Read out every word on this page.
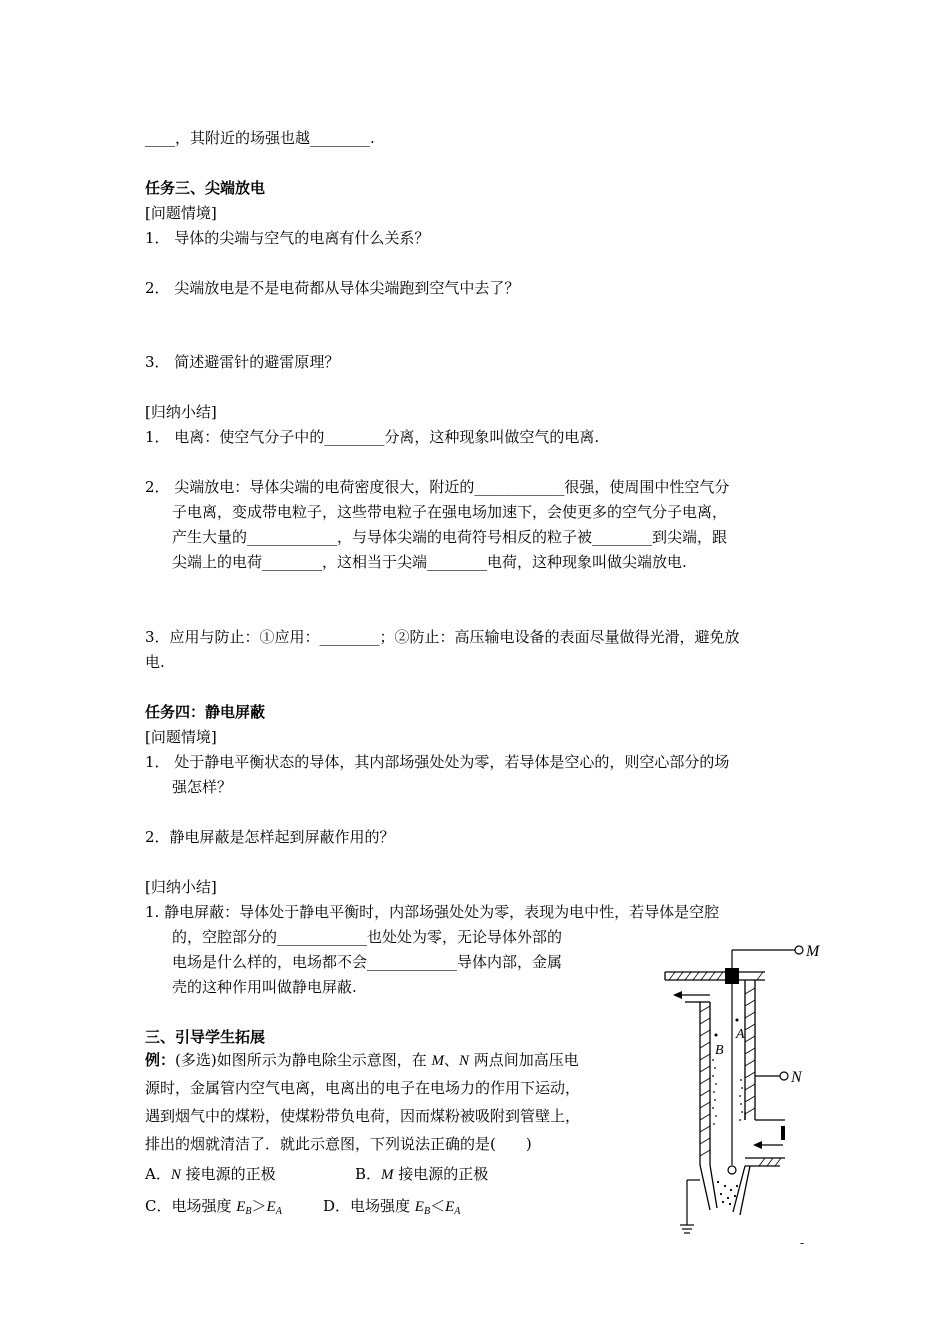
____，其附近的场强也越________.
任务三、尖端放电
[问题情境]
1． 导体的尖端与空气的电离有什么关系？
2． 尖端放电是不是电荷都从导体尖端跑到空气中去了？
3． 简述避雷针的避雷原理？
[归纳小结]
1． 电离：使空气分子中的________分离，这种现象叫做空气的电离.
2． 尖端放电：导体尖端的电荷密度很大，附近的____________很强，使周围中性空气分
子电离，变成带电粒子，这些带电粒子在强电场加速下，会使更多的空气分子电离，
产生大量的____________，与导体尖端的电荷符号相反的粒子被________到尖端，跟
尖端上的电荷________，这相当于尖端________电荷，这种现象叫做尖端放电.
3．应用与防止：①应用：________；②防止：高压输电设备的表面尽量做得光滑，避免放
电.
任务四：静电屏蔽
[问题情境]
1． 处于静电平衡状态的导体，其内部场强处处为零，若导体是空心的，则空心部分的场
强怎样？
2．静电屏蔽是怎样起到屏蔽作用的？
[归纳小结]
1. 静电屏蔽：导体处于静电平衡时，内部场强处处为零，表现为电中性，若导体是空腔
的，空腔部分的____________也处处为零，无论导体外部的
电场是什么样的，电场都不会____________导体内部，金属
壳的这种作用叫做静电屏蔽.
三、引导学生拓展
例：(多选)如图所示为静电除尘示意图，在 M、N 两点间加高压电
源时，金属管内空气电离，电离出的电子在电场力的作用下运动，
遇到烟气中的煤粉，使煤粉带负电荷，因而煤粉被吸附到管壁上，
排出的烟就清洁了．就此示意图，下列说法正确的是(　　)
A．N 接电源的正极	B．M 接电源的正极
C．电场强度 $E_B>E_A$	D．电场强度 $E_B<E_A$
M
N
A
B
-
